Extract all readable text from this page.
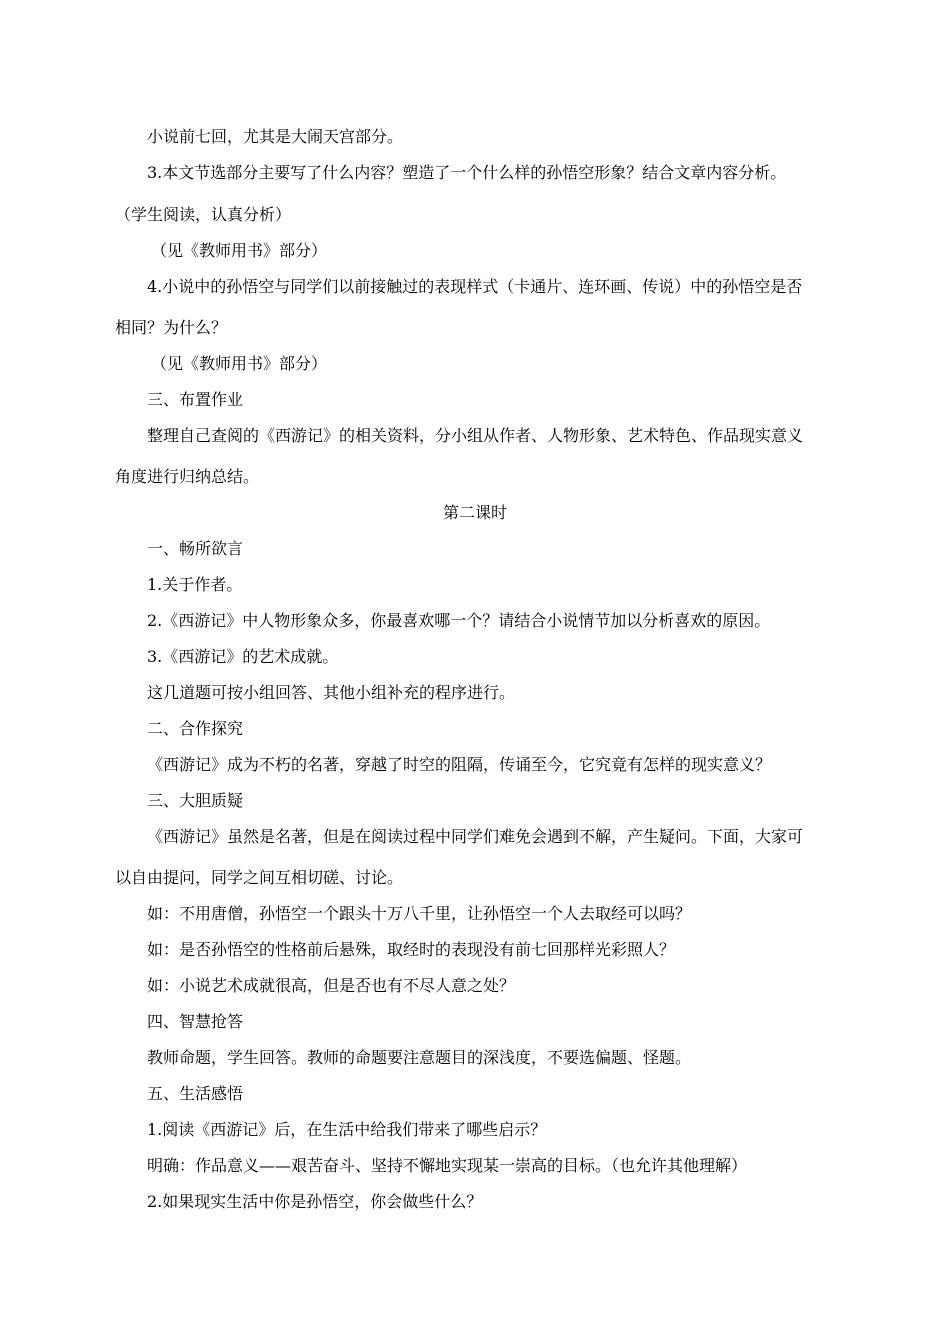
小说前七回，尤其是大闹天宫部分。
3.本文节选部分主要写了什么内容？塑造了一个什么样的孙悟空形象？结合文章内容分析。
（学生阅读，认真分析）
（见《教师用书》部分）
4.小说中的孙悟空与同学们以前接触过的表现样式（卡通片、连环画、传说）中的孙悟空是否
相同？为什么？
（见《教师用书》部分）
三、布置作业
整理自己查阅的《西游记》的相关资料，分小组从作者、人物形象、艺术特色、作品现实意义
角度进行归纳总结。
第二课时
一、畅所欲言
1.关于作者。
2.《西游记》中人物形象众多，你最喜欢哪一个？请结合小说情节加以分析喜欢的原因。
3.《西游记》的艺术成就。
这几道题可按小组回答、其他小组补充的程序进行。
二、合作探究
《西游记》成为不朽的名著，穿越了时空的阻隔，传诵至今，它究竟有怎样的现实意义？
三、大胆质疑
《西游记》虽然是名著，但是在阅读过程中同学们难免会遇到不解，产生疑问。下面，大家可
以自由提问，同学之间互相切磋、讨论。
如：不用唐僧，孙悟空一个跟头十万八千里，让孙悟空一个人去取经可以吗？
如：是否孙悟空的性格前后悬殊，取经时的表现没有前七回那样光彩照人？
如：小说艺术成就很高，但是否也有不尽人意之处？
四、智慧抢答
教师命题，学生回答。教师的命题要注意题目的深浅度，不要选偏题、怪题。
五、生活感悟
1.阅读《西游记》后，在生活中给我们带来了哪些启示？
明确：作品意义——艰苦奋斗、坚持不懈地实现某一崇高的目标。（也允许其他理解）
2.如果现实生活中你是孙悟空，你会做些什么？
